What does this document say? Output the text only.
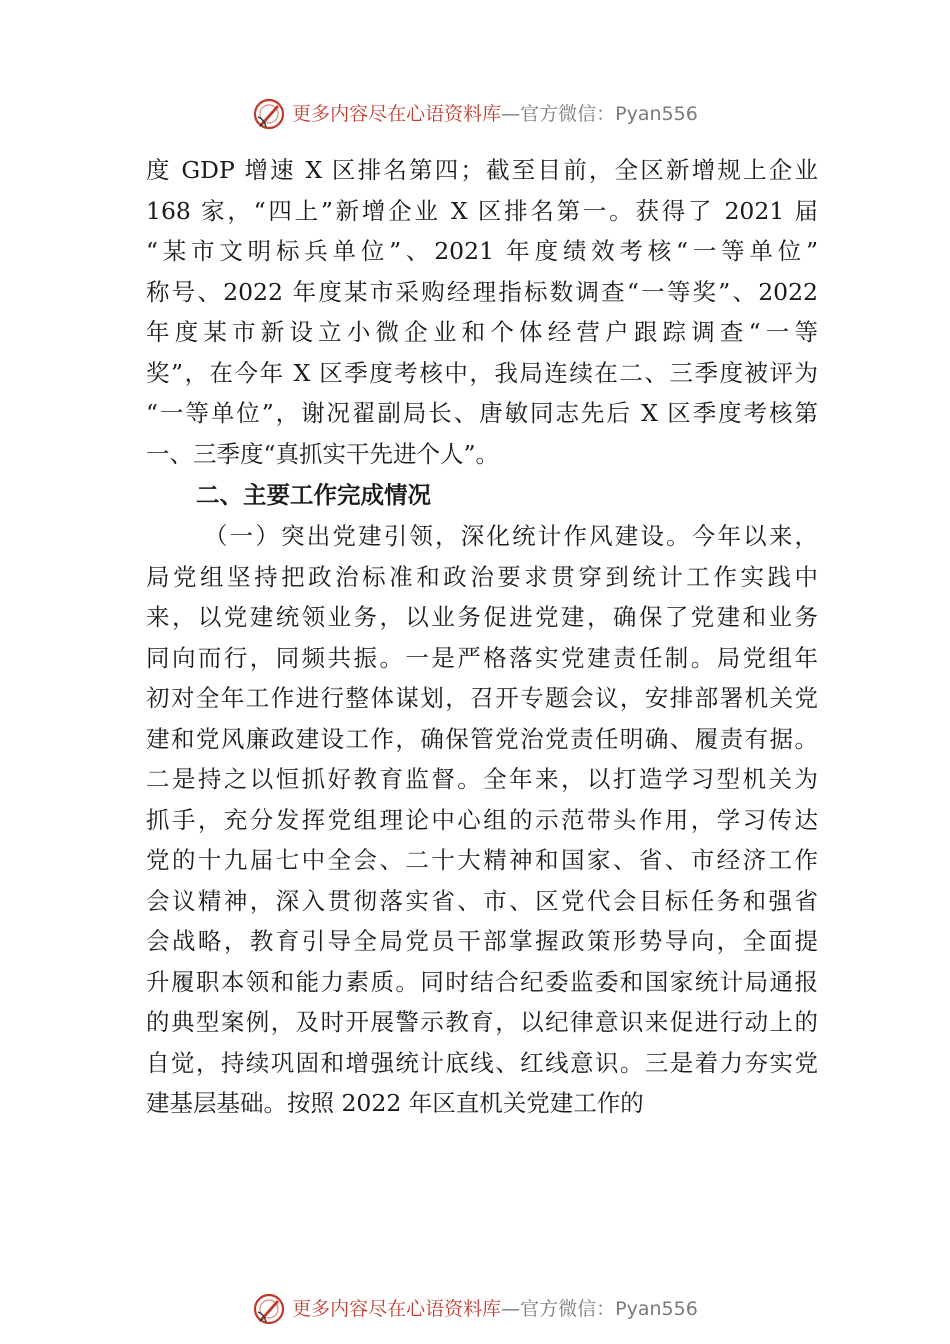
更多内容尽在心语资料库 —官方微信：Pyan556
度 GDP 增速 X 区排名第四；截至目前，全区新增规上企业
168 家，“四上”新增企业 X 区排名第一。获得了 2021 届
“某市文明标兵单位”、2021 年度绩效考核“一等单位”
称号、2022 年度某市采购经理指标数调查“一等奖”、2022
年度某市新设立小微企业和个体经营户跟踪调查“一等
奖”，在今年 X 区季度考核中，我局连续在二、三季度被评为
“一等单位”，谢况翟副局长、唐敏同志先后 X 区季度考核第
一、三季度“真抓实干先进个人”。
二、主要工作完成情况
（一）突出党建引领，深化统计作风建设。今年以来，
局党组坚持把政治标准和政治要求贯穿到统计工作实践中
来，以党建统领业务，以业务促进党建，确保了党建和业务
同向而行，同频共振。一是严格落实党建责任制。局党组年
初对全年工作进行整体谋划，召开专题会议，安排部署机关党
建和党风廉政建设工作，确保管党治党责任明确、履责有据。
二是持之以恒抓好教育监督。全年来，以打造学习型机关为
抓手，充分发挥党组理论中心组的示范带头作用，学习传达
党的十九届七中全会、二十大精神和国家、省、市经济工作
会议精神，深入贯彻落实省、市、区党代会目标任务和强省
会战略，教育引导全局党员干部掌握政策形势导向，全面提
升履职本领和能力素质。同时结合纪委监委和国家统计局通报
的典型案例，及时开展警示教育，以纪律意识来促进行动上的
自觉，持续巩固和增强统计底线、红线意识。三是着力夯实党
建基层基础。按照 2022 年区直机关党建工作的
更多内容尽在心语资料库 —官方微信：Pyan556
